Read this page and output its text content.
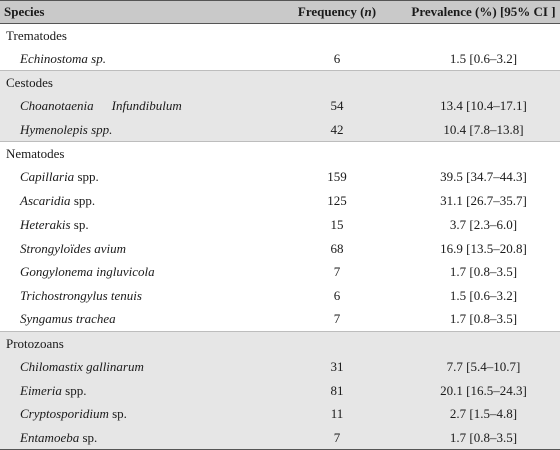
Species	Frequency (n)	Prevalence (%) [95% CI ]
Trematodes		
Echinostoma sp.	6	1.5 [0.6–3.2]
Cestodes		
Choanotaenia Infundibulum	54	13.4 [10.4–17.1]
Hymenolepis spp.	42	10.4 [7.8–13.8]
Nematodes		
Capillaria spp.	159	39.5 [34.7–44.3]
Ascaridia spp.	125	31.1 [26.7–35.7]
Heterakis sp.	15	3.7 [2.3–6.0]
Strongyloïdes avium	68	16.9 [13.5–20.8]
Gongylonema ingluvicola	7	1.7 [0.8–3.5]
Trichostrongylus tenuis	6	1.5 [0.6–3.2]
Syngamus trachea	7	1.7 [0.8–3.5]
Protozoans		
Chilomastix gallinarum	31	7.7 [5.4–10.7]
Eimeria spp.	81	20.1 [16.5–24.3]
Cryptosporidium sp.	11	2.7 [1.5–4.8]
Entamoeba sp.	7	1.7 [0.8–3.5]
